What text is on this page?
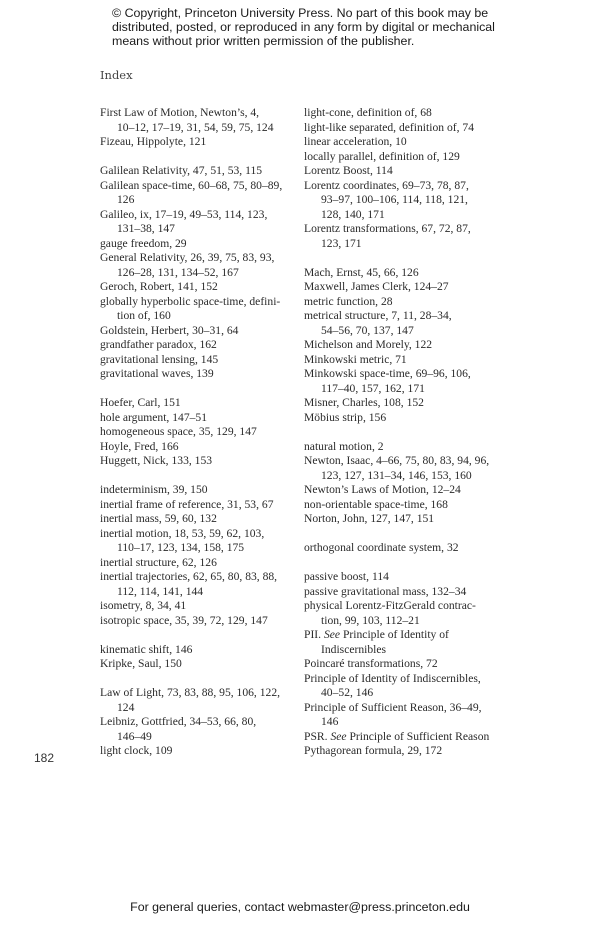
© Copyright, Princeton University Press. No part of this book may be distributed, posted, or reproduced in any form by digital or mechanical means without prior written permission of the publisher.
Index
First Law of Motion, Newton’s, 4,
10–12, 17–19, 31, 54, 59, 75, 124
Fizeau, Hippolyte, 121
Galilean Relativity, 47, 51, 53, 115
Galilean space-time, 60–68, 75, 80–89,
126
Galileo, ix, 17–19, 49–53, 114, 123,
131–38, 147
gauge freedom, 29
General Relativity, 26, 39, 75, 83, 93,
126–28, 131, 134–52, 167
Geroch, Robert, 141, 152
globally hyperbolic space-time, defini-
tion of, 160
Goldstein, Herbert, 30–31, 64
grandfather paradox, 162
gravitational lensing, 145
gravitational waves, 139
Hoefer, Carl, 151
hole argument, 147–51
homogeneous space, 35, 129, 147
Hoyle, Fred, 166
Huggett, Nick, 133, 153
indeterminism, 39, 150
inertial frame of reference, 31, 53, 67
inertial mass, 59, 60, 132
inertial motion, 18, 53, 59, 62, 103,
110–17, 123, 134, 158, 175
inertial structure, 62, 126
inertial trajectories, 62, 65, 80, 83, 88,
112, 114, 141, 144
isometry, 8, 34, 41
isotropic space, 35, 39, 72, 129, 147
kinematic shift, 146
Kripke, Saul, 150
Law of Light, 73, 83, 88, 95, 106, 122,
124
Leibniz, Gottfried, 34–53, 66, 80,
146–49
light clock, 109
light-cone, definition of, 68
light-like separated, definition of, 74
linear acceleration, 10
locally parallel, definition of, 129
Lorentz Boost, 114
Lorentz coordinates, 69–73, 78, 87,
93–97, 100–106, 114, 118, 121,
128, 140, 171
Lorentz transformations, 67, 72, 87,
123, 171
Mach, Ernst, 45, 66, 126
Maxwell, James Clerk, 124–27
metric function, 28
metrical structure, 7, 11, 28–34,
54–56, 70, 137, 147
Michelson and Morely, 122
Minkowski metric, 71
Minkowski space-time, 69–96, 106,
117–40, 157, 162, 171
Misner, Charles, 108, 152
Möbius strip, 156
natural motion, 2
Newton, Isaac, 4–66, 75, 80, 83, 94, 96,
123, 127, 131–34, 146, 153, 160
Newton’s Laws of Motion, 12–24
non-orientable space-time, 168
Norton, John, 127, 147, 151
orthogonal coordinate system, 32
passive boost, 114
passive gravitational mass, 132–34
physical Lorentz-FitzGerald contrac-
tion, 99, 103, 112–21
PII. See Principle of Identity of
Indiscernibles
Poincaré transformations, 72
Principle of Identity of Indiscernibles,
40–52, 146
Principle of Sufficient Reason, 36–49,
146
PSR. See Principle of Sufficient Reason
Pythagorean formula, 29, 172
182
For general queries, contact webmaster@press.princeton.edu
